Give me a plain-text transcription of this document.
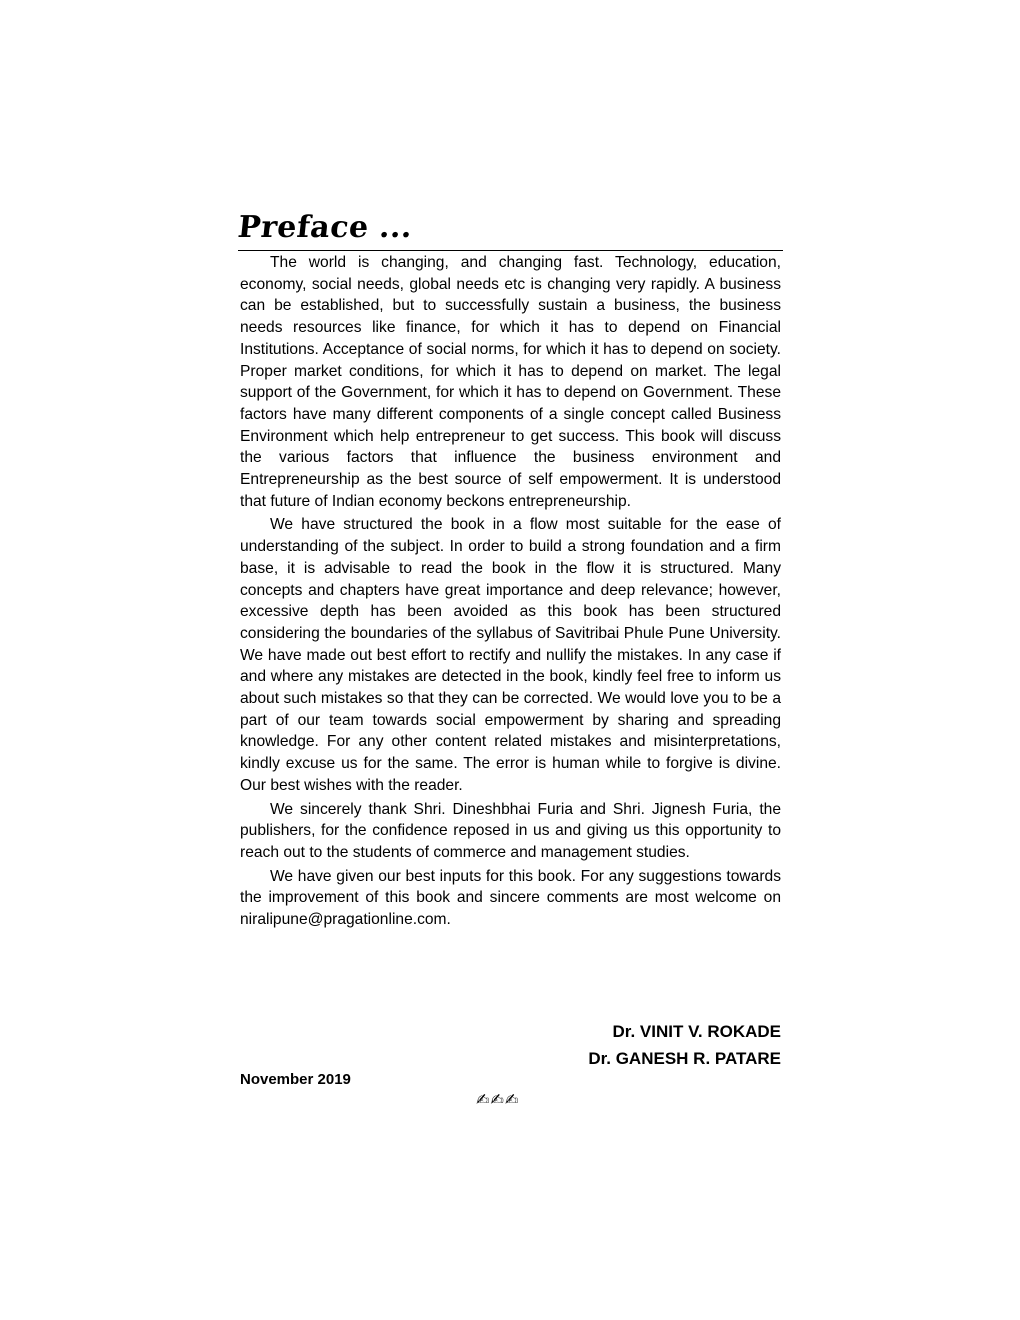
Preface ...

The world is changing, and changing fast. Technology, education, economy, social needs, global needs etc is changing very rapidly. A business can be established, but to successfully sustain a business, the business needs resources like finance, for which it has to depend on Financial Institutions. Acceptance of social norms, for which it has to depend on society. Proper market conditions, for which it has to depend on market. The legal support of the Government, for which it has to depend on Government. These factors have many different components of a single concept called Business Environment which help entrepreneur to get success. This book will discuss the various factors that influence the business environment and Entrepreneurship as the best source of self empowerment. It is understood that future of Indian economy beckons entrepreneurship.

We have structured the book in a flow most suitable for the ease of understanding of the subject. In order to build a strong foundation and a firm base, it is advisable to read the book in the flow it is structured. Many concepts and chapters have great importance and deep relevance; however, excessive depth has been avoided as this book has been structured considering the boundaries of the syllabus of Savitribai Phule Pune University. We have made out best effort to rectify and nullify the mistakes. In any case if and where any mistakes are detected in the book, kindly feel free to inform us about such mistakes so that they can be corrected. We would love you to be a part of our team towards social empowerment by sharing and spreading knowledge. For any other content related mistakes and misinterpretations, kindly excuse us for the same. The error is human while to forgive is divine. Our best wishes with the reader.

We sincerely thank Shri. Dineshbhai Furia and Shri. Jignesh Furia, the publishers, for the confidence reposed in us and giving us this opportunity to reach out to the students of commerce and management studies.

We have given our best inputs for this book. For any suggestions towards the improvement of this book and sincere comments are most welcome on niralipune@pragationline.com.

Dr. VINIT V. ROKADE
Dr. GANESH R. PATARE
November 2019
✍✍✍
